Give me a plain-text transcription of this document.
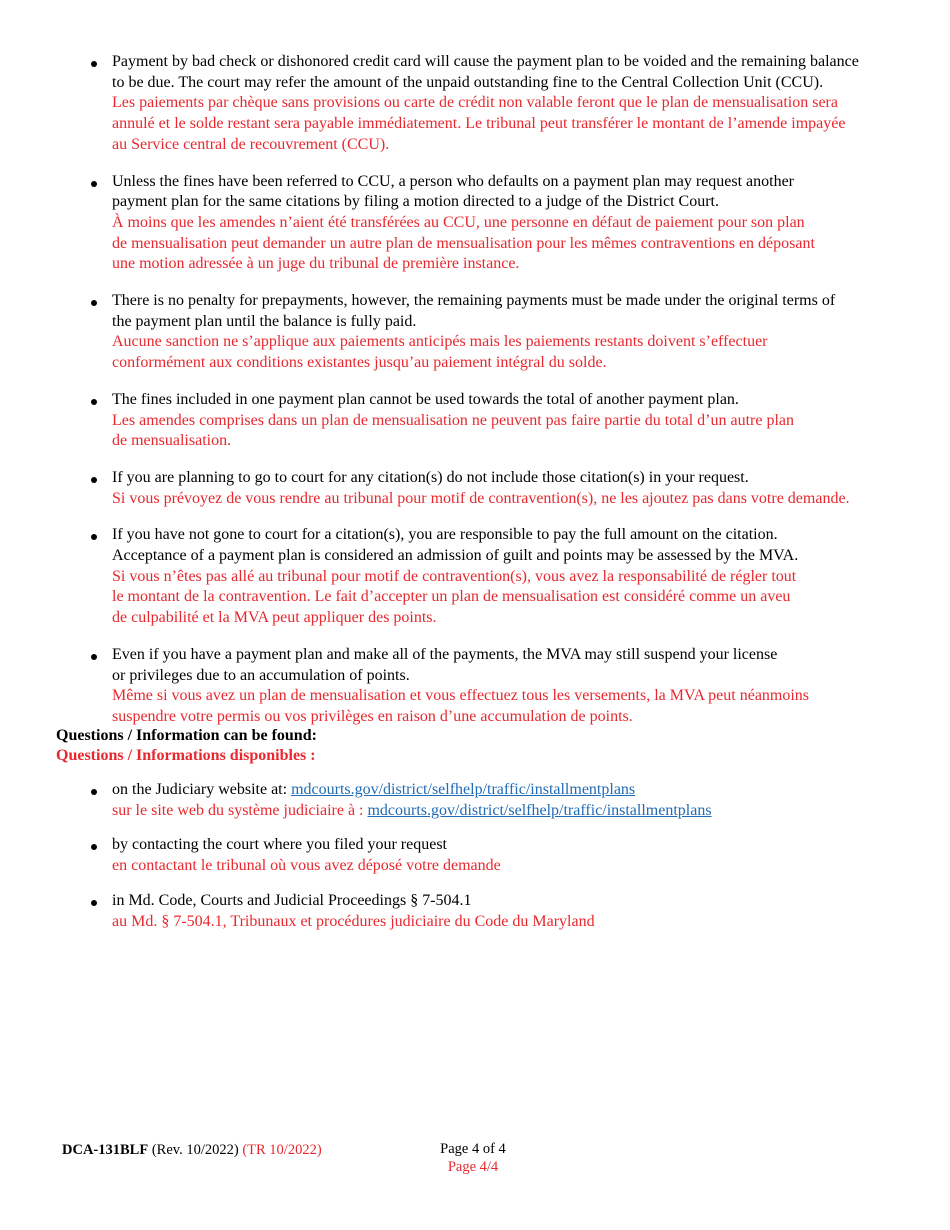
Payment by bad check or dishonored credit card will cause the payment plan to be voided and the remaining balance
to be due. The court may refer the amount of the unpaid outstanding fine to the Central Collection Unit (CCU).
Les paiements par chèque sans provisions ou carte de crédit non valable feront que le plan de mensualisation sera
annulé et le solde restant sera payable immédiatement. Le tribunal peut transférer le montant de l’amende impayée
au Service central de recouvrement (CCU).
Unless the fines have been referred to CCU, a person who defaults on a payment plan may request another
payment plan for the same citations by filing a motion directed to a judge of the District Court.
À moins que les amendes n’aient été transférées au CCU, une personne en défaut de paiement pour son plan
de mensualisation peut demander un autre plan de mensualisation pour les mêmes contraventions en déposant
une motion adressée à un juge du tribunal de première instance.
There is no penalty for prepayments, however, the remaining payments must be made under the original terms of
the payment plan until the balance is fully paid.
Aucune sanction ne s’applique aux paiements anticipés mais les paiements restants doivent s’effectuer
conformément aux conditions existantes jusqu’au paiement intégral du solde.
The fines included in one payment plan cannot be used towards the total of another payment plan.
Les amendes comprises dans un plan de mensualisation ne peuvent pas faire partie du total d’un autre plan
de mensualisation.
If you are planning to go to court for any citation(s) do not include those citation(s) in your request.
Si vous prévoyez de vous rendre au tribunal pour motif de contravention(s), ne les ajoutez pas dans votre demande.
If you have not gone to court for a citation(s), you are responsible to pay the full amount on the citation.
Acceptance of a payment plan is considered an admission of guilt and points may be assessed by the MVA.
Si vous n’êtes pas allé au tribunal pour motif de contravention(s), vous avez la responsabilité de régler tout
le montant de la contravention. Le fait d’accepter un plan de mensualisation est considéré comme un aveu
de culpabilité et la MVA peut appliquer des points.
Even if you have a payment plan and make all of the payments, the MVA may still suspend your license
or privileges due to an accumulation of points.
Même si vous avez un plan de mensualisation et vous effectuez tous les versements, la MVA peut néanmoins
suspendre votre permis ou vos privilèges en raison d’une accumulation de points.
Questions / Information can be found:
Questions / Informations disponibles :
on the Judiciary website at: mdcourts.gov/district/selfhelp/traffic/installmentplans
sur le site web du système judiciaire à : mdcourts.gov/district/selfhelp/traffic/installmentplans
by contacting the court where you filed your request
en contactant le tribunal où vous avez déposé votre demande
in Md. Code, Courts and Judicial Proceedings § 7-504.1
au Md. § 7-504.1, Tribunaux et procédures judiciaire du Code du Maryland
DCA-131BLF (Rev. 10/2022) (TR 10/2022)	Page 4 of 4
Page 4/4
